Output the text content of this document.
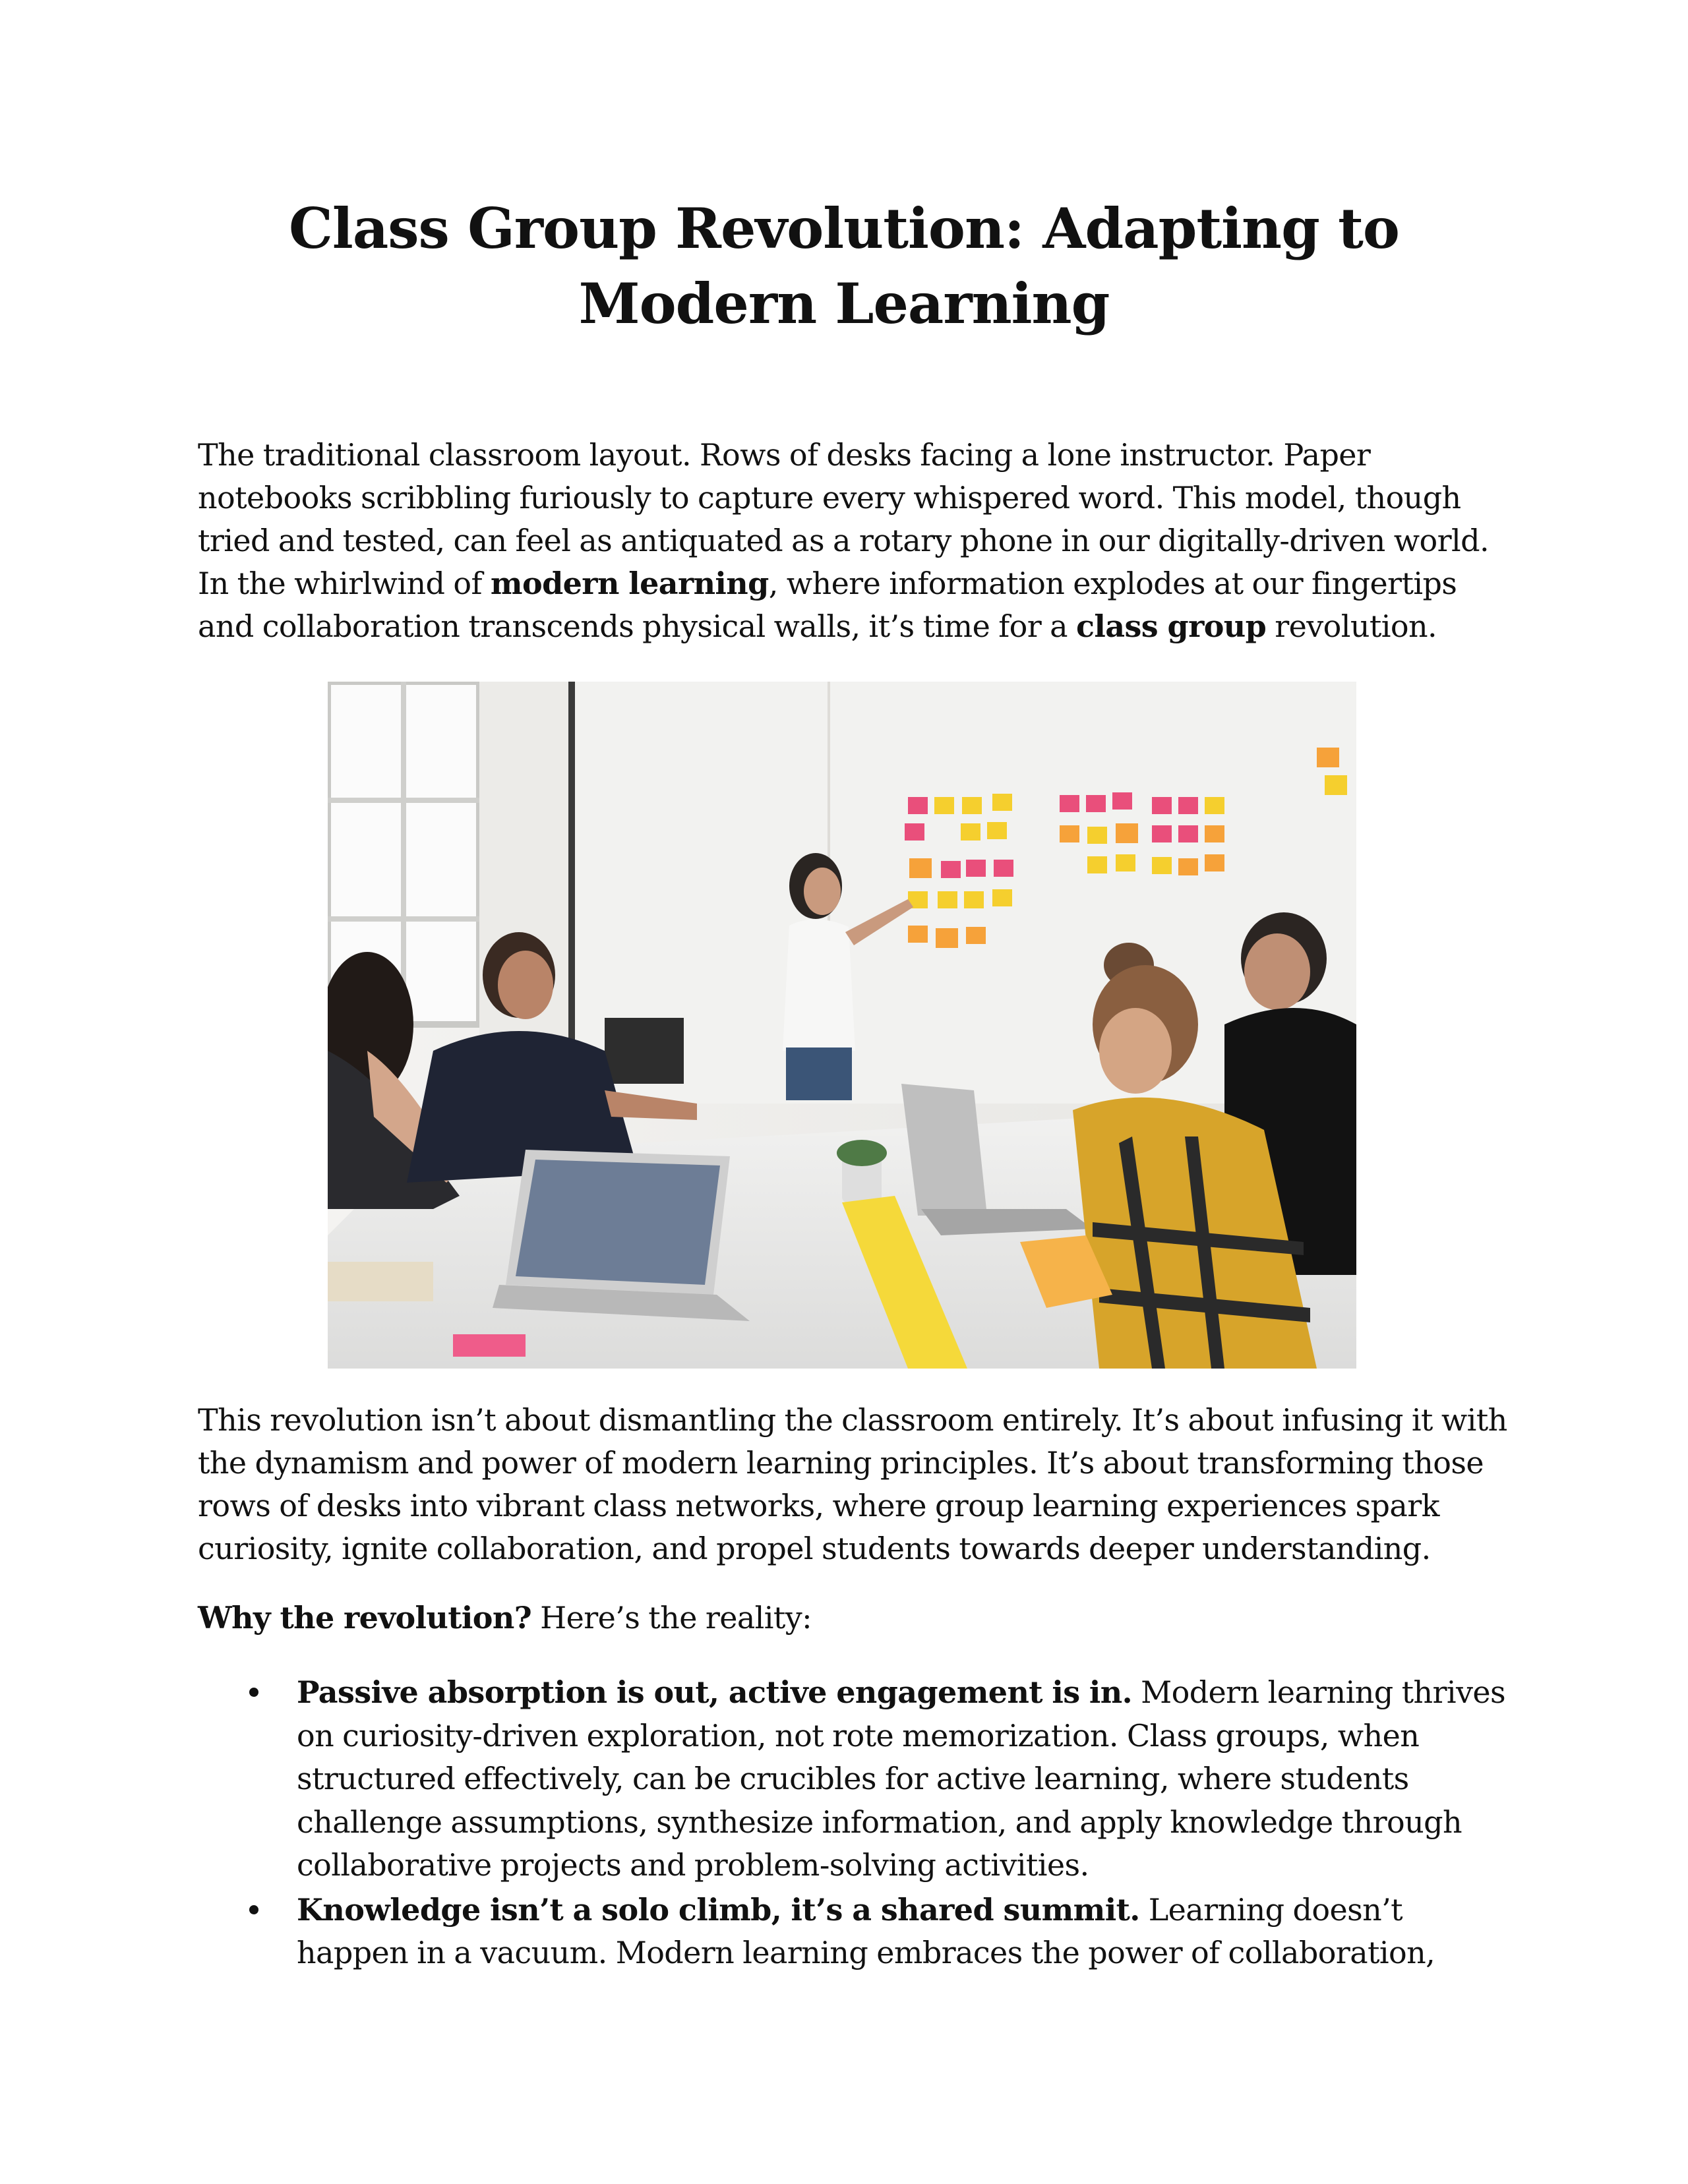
Class Group Revolution: Adapting to Modern Learning

The traditional classroom layout. Rows of desks facing a lone instructor. Paper notebooks scribbling furiously to capture every whispered word. This model, though tried and tested, can feel as antiquated as a rotary phone in our digitally-driven world. In the whirlwind of modern learning, where information explodes at our fingertips and collaboration transcends physical walls, it’s time for a class group revolution.

This revolution isn’t about dismantling the classroom entirely. It’s about infusing it with the dynamism and power of modern learning principles. It’s about transforming those rows of desks into vibrant class networks, where group learning experiences spark curiosity, ignite collaboration, and propel students towards deeper understanding.

Why the revolution? Here’s the reality:

Passive absorption is out, active engagement is in. Modern learning thrives on curiosity-driven exploration, not rote memorization. Class groups, when structured effectively, can be crucibles for active learning, where students challenge assumptions, synthesize information, and apply knowledge through collaborative projects and problem-solving activities.
Knowledge isn’t a solo climb, it’s a shared summit. Learning doesn’t happen in a vacuum. Modern learning embraces the power of collaboration,
